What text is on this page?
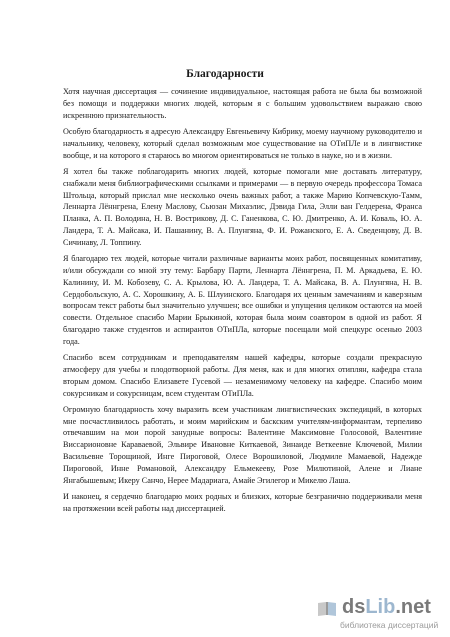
Благодарности

Хотя научная диссертация — сочинение индивидуальное, настоящая работа не была бы возможной без помощи и поддержки многих людей, которым я с большим удовольствием выражаю свою искреннюю признательность.

Особую благодарность я адресую Александру Евгеньевичу Кибрику, моему научному руководителю и начальнику, человеку, который сделал возможным мое существование на ОТиПЛе и в лингвистике вообще, и на которого я стараюсь во многом ориентироваться не только в науке, но и в жизни.

Я хотел бы также поблагодарить многих людей, которые помогали мне доставать литературу, снабжали меня библиографическими ссылками и примерами — в первую очередь профессора Томаса Штольца, который прислал мне несколько очень важных работ, а также Марию Копчевскую-Тамм, Леннарта Лённгрена, Елену Маслову, Сьюзан Михаэлис, Дэвида Гила, Элли ван Гелдерена, Франса Планка, А. П. Володина, Н. В. Вострикову, Д. С. Ганенкова, С. Ю. Дмитренко, А. И. Коваль, Ю. А. Ландера, Т. А. Майсака, И. Пашанину, В. А. Плунгяна, Ф. И. Рожанского, Е. А. Сведенцову, Д. В. Сичинаву, Л. Топпину.

Я благодарю тех людей, которые читали различные варианты моих работ, посвященных комитативу, и/или обсуждали со мной эту тему: Барбару Парти, Леннарта Лённгрена, П. М. Аркадьева, Е. Ю. Калинину, И. М. Кобозеву, С. А. Крылова, Ю. А. Ландера, Т. А. Майсака, В. А. Плунгяна, Н. В. Сердобольскую, А. С. Хорошкину, А. Б. Шлуинского. Благодаря их ценным замечаниям и каверзным вопросам текст работы был значительно улучшен; все ошибки и упущения целиком остаются на моей совести. Отдельное спасибо Марии Брыкиной, которая была моим соавтором в одной из работ. Я благодарю также студентов и аспирантов ОТиПЛа, которые посещали мой спецкурс осенью 2003 года.

Спасибо всем сотрудникам и преподавателям нашей кафедры, которые создали прекрасную атмосферу для учебы и плодотворной работы. Для меня, как и для многих отиплян, кафедра стала вторым домом. Спасибо Елизавете Гусевой — незаменимому человеку на кафедре. Спасибо моим сокурсникам и сокурсницам, всем студентам ОТиПЛа.

Огромную благодарность хочу выразить всем участникам лингвистических экспедиций, в которых мне посчастливилось работать, и моим марийским и баскским учителям-информантам, терпеливо отвечавшим на мои порой занудные вопросы: Валентине Максимовне Голосовой, Валентине Виссарионовне Караваевой, Эльвире Ивановне Киткаевой, Зинаиде Веткеевне Ключевой, Милии Васильевне Торощиной, Инге Пироговой, Олесе Ворошиловой, Людмиле Мамаевой, Надежде Пироговой, Инне Романовой, Александру Ельмекееву, Розе Милютиной, Алене и Лиане Янгабышевым; Икеру Санчо, Нерее Мадариага, Амайе Эгилегор и Микелю Лаша.

И наконец, я сердечно благодарю моих родных и близких, которые безгранично поддерживали меня на протяжении всей работы над диссертацией.

dsLib.net
библиотека диссертаций
